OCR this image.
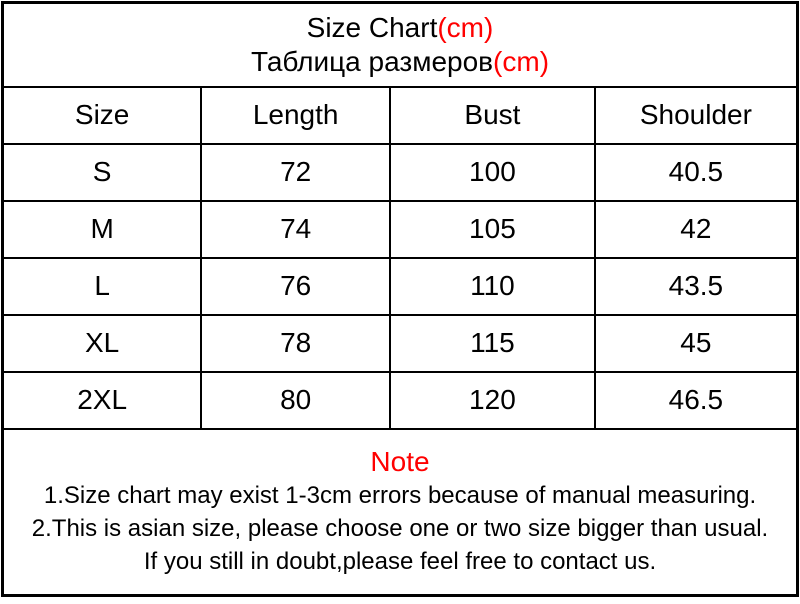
Size Chart(cm)
Таблица размеров(cm)			

Size	Length	Bust	Shoulder
S	72	100	40.5
M	74	105	42
L	76	110	43.5
XL	78	115	45
2XL	80	120	46.5

Note
1.Size chart may exist 1-3cm errors because of manual measuring.
2.This is asian size, please choose one or two size bigger than usual.
If you still in doubt,please feel free to contact us.			
